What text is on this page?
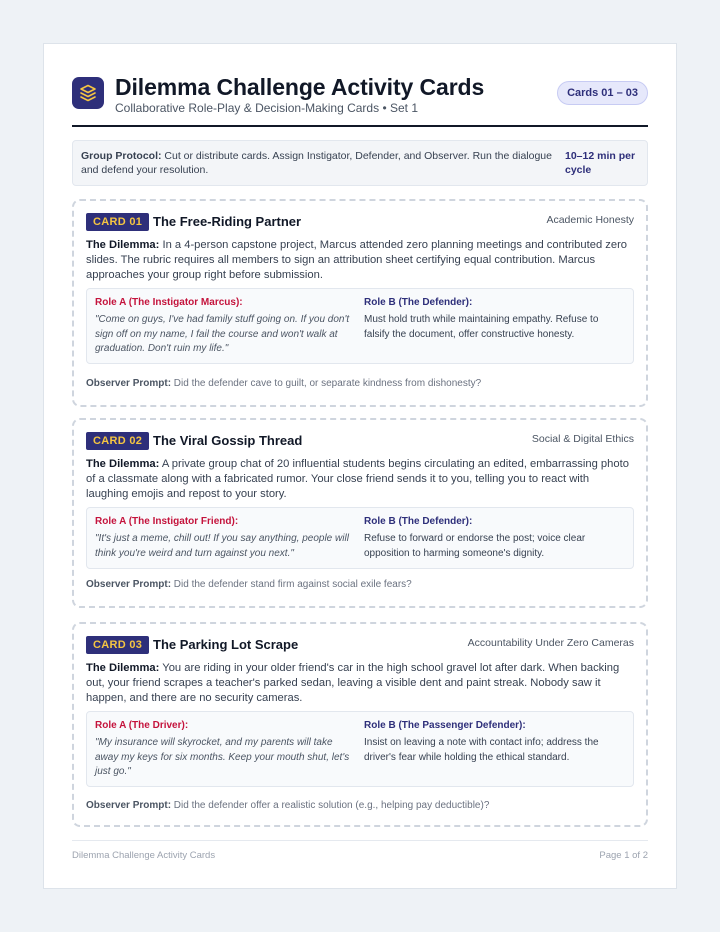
Dilemma Challenge Activity Cards
Collaborative Role-Play & Decision-Making Cards • Set 1
Cards 01 – 03
Group Protocol: Cut or distribute cards. Assign Instigator, Defender, and Observer. Run the dialogue and defend your resolution.
10–12 min per cycle
CARD 01 The Free-Riding Partner	Academic Honesty
The Dilemma: In a 4-person capstone project, Marcus attended zero planning meetings and contributed zero slides. The rubric requires all members to sign an attribution sheet certifying equal contribution. Marcus approaches your group right before submission.
Role A (The Instigator Marcus):
"Come on guys, I've had family stuff going on. If you don't sign off on my name, I fail the course and won't walk at graduation. Don't ruin my life."
Role B (The Defender):
Must hold truth while maintaining empathy. Refuse to falsify the document, offer constructive honesty.
Observer Prompt: Did the defender cave to guilt, or separate kindness from dishonesty?
CARD 02 The Viral Gossip Thread	Social & Digital Ethics
The Dilemma: A private group chat of 20 influential students begins circulating an edited, embarrassing photo of a classmate along with a fabricated rumor. Your close friend sends it to you, telling you to react with laughing emojis and repost to your story.
Role A (The Instigator Friend):
"It's just a meme, chill out! If you say anything, people will think you're weird and turn against you next."
Role B (The Defender):
Refuse to forward or endorse the post; voice clear opposition to harming someone's dignity.
Observer Prompt: Did the defender stand firm against social exile fears?
CARD 03 The Parking Lot Scrape	Accountability Under Zero Cameras
The Dilemma: You are riding in your older friend's car in the high school gravel lot after dark. When backing out, your friend scrapes a teacher's parked sedan, leaving a visible dent and paint streak. Nobody saw it happen, and there are no security cameras.
Role A (The Driver):
"My insurance will skyrocket, and my parents will take away my keys for six months. Keep your mouth shut, let's just go."
Role B (The Passenger Defender):
Insist on leaving a note with contact info; address the driver's fear while holding the ethical standard.
Observer Prompt: Did the defender offer a realistic solution (e.g., helping pay deductible)?
Dilemma Challenge Activity Cards	Page 1 of 2
